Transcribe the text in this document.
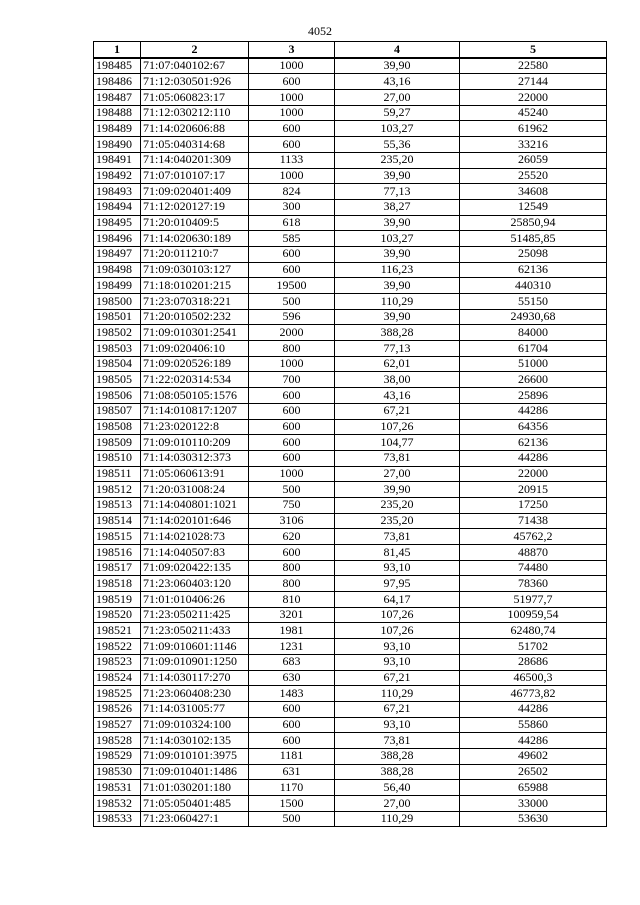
4052
1	2	3	4	5
198485	71:07:040102:67	1000	39,90	22580
198486	71:12:030501:926	600	43,16	27144
198487	71:05:060823:17	1000	27,00	22000
198488	71:12:030212:110	1000	59,27	45240
198489	71:14:020606:88	600	103,27	61962
198490	71:05:040314:68	600	55,36	33216
198491	71:14:040201:309	1133	235,20	26059
198492	71:07:010107:17	1000	39,90	25520
198493	71:09:020401:409	824	77,13	34608
198494	71:12:020127:19	300	38,27	12549
198495	71:20:010409:5	618	39,90	25850,94
198496	71:14:020630:189	585	103,27	51485,85
198497	71:20:011210:7	600	39,90	25098
198498	71:09:030103:127	600	116,23	62136
198499	71:18:010201:215	19500	39,90	440310
198500	71:23:070318:221	500	110,29	55150
198501	71:20:010502:232	596	39,90	24930,68
198502	71:09:010301:2541	2000	388,28	84000
198503	71:09:020406:10	800	77,13	61704
198504	71:09:020526:189	1000	62,01	51000
198505	71:22:020314:534	700	38,00	26600
198506	71:08:050105:1576	600	43,16	25896
198507	71:14:010817:1207	600	67,21	44286
198508	71:23:020122:8	600	107,26	64356
198509	71:09:010110:209	600	104,77	62136
198510	71:14:030312:373	600	73,81	44286
198511	71:05:060613:91	1000	27,00	22000
198512	71:20:031008:24	500	39,90	20915
198513	71:14:040801:1021	750	235,20	17250
198514	71:14:020101:646	3106	235,20	71438
198515	71:14:021028:73	620	73,81	45762,2
198516	71:14:040507:83	600	81,45	48870
198517	71:09:020422:135	800	93,10	74480
198518	71:23:060403:120	800	97,95	78360
198519	71:01:010406:26	810	64,17	51977,7
198520	71:23:050211:425	3201	107,26	100959,54
198521	71:23:050211:433	1981	107,26	62480,74
198522	71:09:010601:1146	1231	93,10	51702
198523	71:09:010901:1250	683	93,10	28686
198524	71:14:030117:270	630	67,21	46500,3
198525	71:23:060408:230	1483	110,29	46773,82
198526	71:14:031005:77	600	67,21	44286
198527	71:09:010324:100	600	93,10	55860
198528	71:14:030102:135	600	73,81	44286
198529	71:09:010101:3975	1181	388,28	49602
198530	71:09:010401:1486	631	388,28	26502
198531	71:01:030201:180	1170	56,40	65988
198532	71:05:050401:485	1500	27,00	33000
198533	71:23:060427:1	500	110,29	53630
